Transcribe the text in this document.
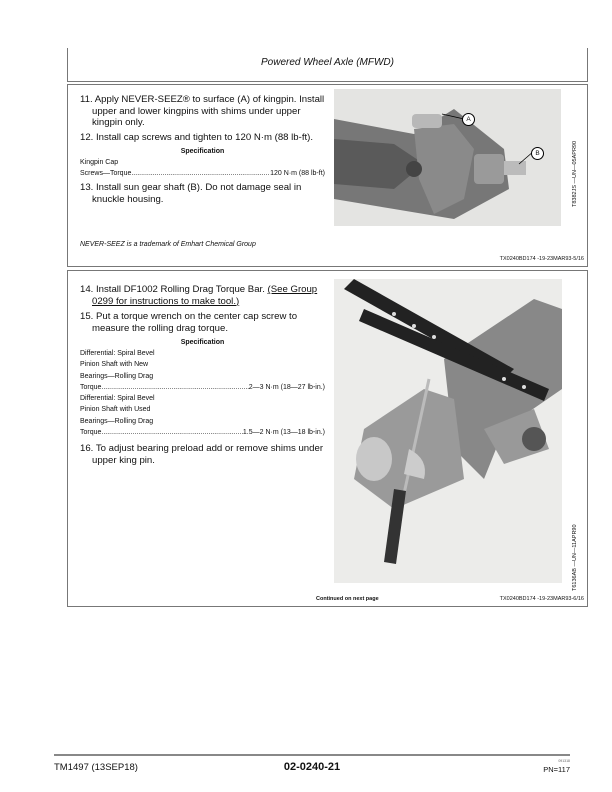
Powered Wheel Axle (MFWD)
11. Apply NEVER-SEEZ® to surface (A) of kingpin. Install upper and lower kingpins with shims under upper kingpin only.
12. Install cap screws and tighten to 120 N·m (88 lb-ft).
Specification
Kingpin Cap
Screws—Torque .....	120 N·m (88 lb-ft)
13. Install sun gear shaft (B). Do not damage seal in knuckle housing.
NEVER-SEEZ is a trademark of Emhart Chemical Group
A
B	T8382JS —UN—05APR90
TX0240BD174 -19-23MAR93-5/16
14. Install DF1002 Rolling Drag Torque Bar. (See Group 0299 for instructions to make tool.)
15. Put a torque wrench on the center cap screw to measure the rolling drag torque.
Specification
Differential: Spiral Bevel
Pinion Shaft with New
Bearings—Rolling Drag
Torque .....	2—3 N·m (18—27 lb-in.)
Differential: Spiral Bevel
Pinion Shaft with Used
Bearings—Rolling Drag
Torque .....	1.5—2 N·m (13—18 lb-in.)
16. To adjust bearing preload add or remove shims under upper king pin.
T6136AB —UN—11APR90
Continued on next page	TX0240BD174 -19-23MAR93-6/16
TM1497 (13SEP18)	02-0240-21	091318
PN=117
